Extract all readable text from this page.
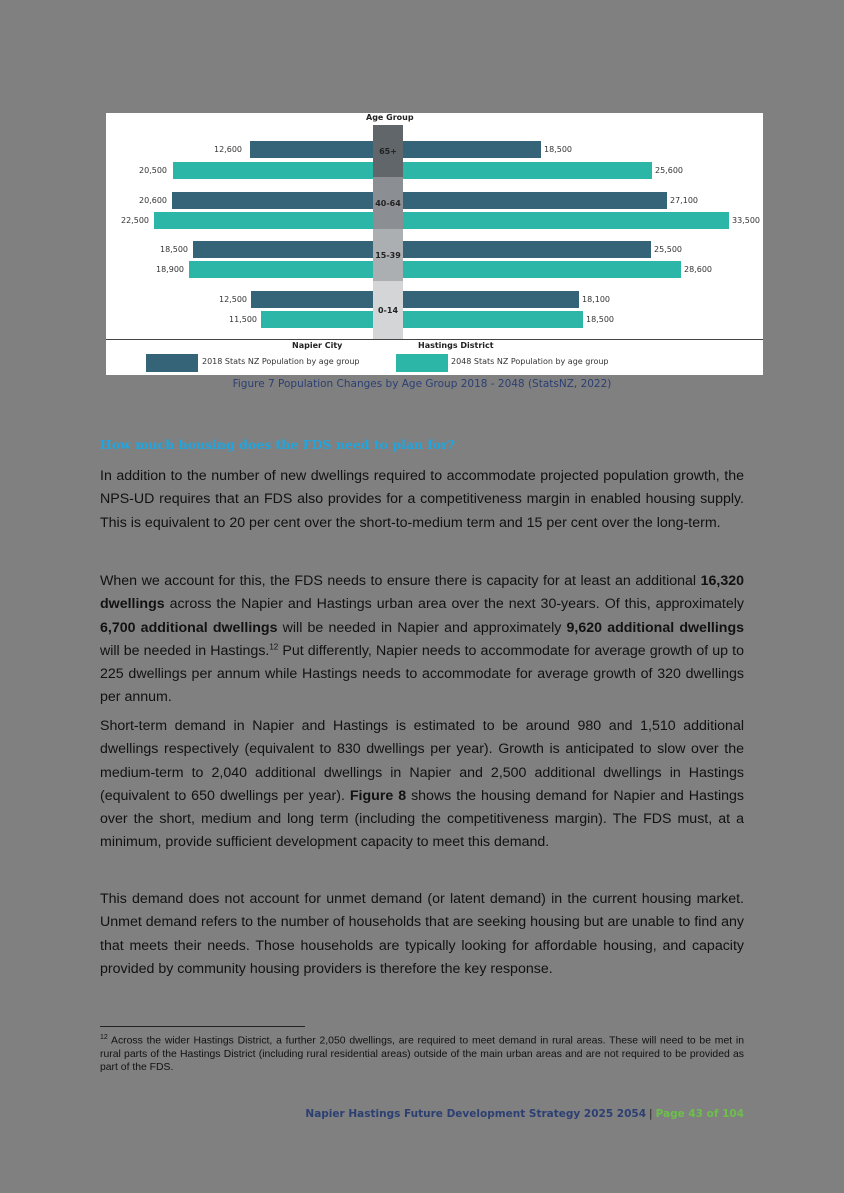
Age Group
12,600
20,500
18,500
25,600
20,600
22,500
27,100
33,500
18,500
18,900
25,500
28,600
12,500
11,500
18,100
18,500
65+
40-64
15-39
0-14
Napier City	Hastings District
2018 Stats NZ Population by age group	2048 Stats NZ Population by age group
Figure 7 Population Changes by Age Group 2018 - 2048 (StatsNZ, 2022)
How much housing does the FDS need to plan for?
In addition to the number of new dwellings required to accommodate projected population growth, the NPS-UD requires that an FDS also provides for a competitiveness margin in enabled housing supply. This is equivalent to 20 per cent over the short-to-medium term and 15 per cent over the long-term.
When we account for this, the FDS needs to ensure there is capacity for at least an additional 16,320 dwellings across the Napier and Hastings urban area over the next 30-years. Of this, approximately 6,700 additional dwellings will be needed in Napier and approximately 9,620 additional dwellings will be needed in Hastings.$^{12}$ Put differently, Napier needs to accommodate for average growth of up to 225 dwellings per annum while Hastings needs to accommodate for average growth of 320 dwellings per annum.
Short-term demand in Napier and Hastings is estimated to be around 980 and 1,510 additional dwellings respectively (equivalent to 830 dwellings per year). Growth is anticipated to slow over the medium-term to 2,040 additional dwellings in Napier and 2,500 additional dwellings in Hastings (equivalent to 650 dwellings per year). Figure 8 shows the housing demand for Napier and Hastings over the short, medium and long term (including the competitiveness margin). The FDS must, at a minimum, provide sufficient development capacity to meet this demand.
This demand does not account for unmet demand (or latent demand) in the current housing market. Unmet demand refers to the number of households that are seeking housing but are unable to find any that meets their needs. Those households are typically looking for affordable housing, and capacity provided by community housing providers is therefore the key response.
$^{12}$ Across the wider Hastings District, a further 2,050 dwellings, are required to meet demand in rural areas. These will need to be met in rural parts of the Hastings District (including rural residential areas) outside of the main urban areas and are not required to be provided as part of the FDS.
Napier Hastings Future Development Strategy 2025 2054 | Page 43 of 104
